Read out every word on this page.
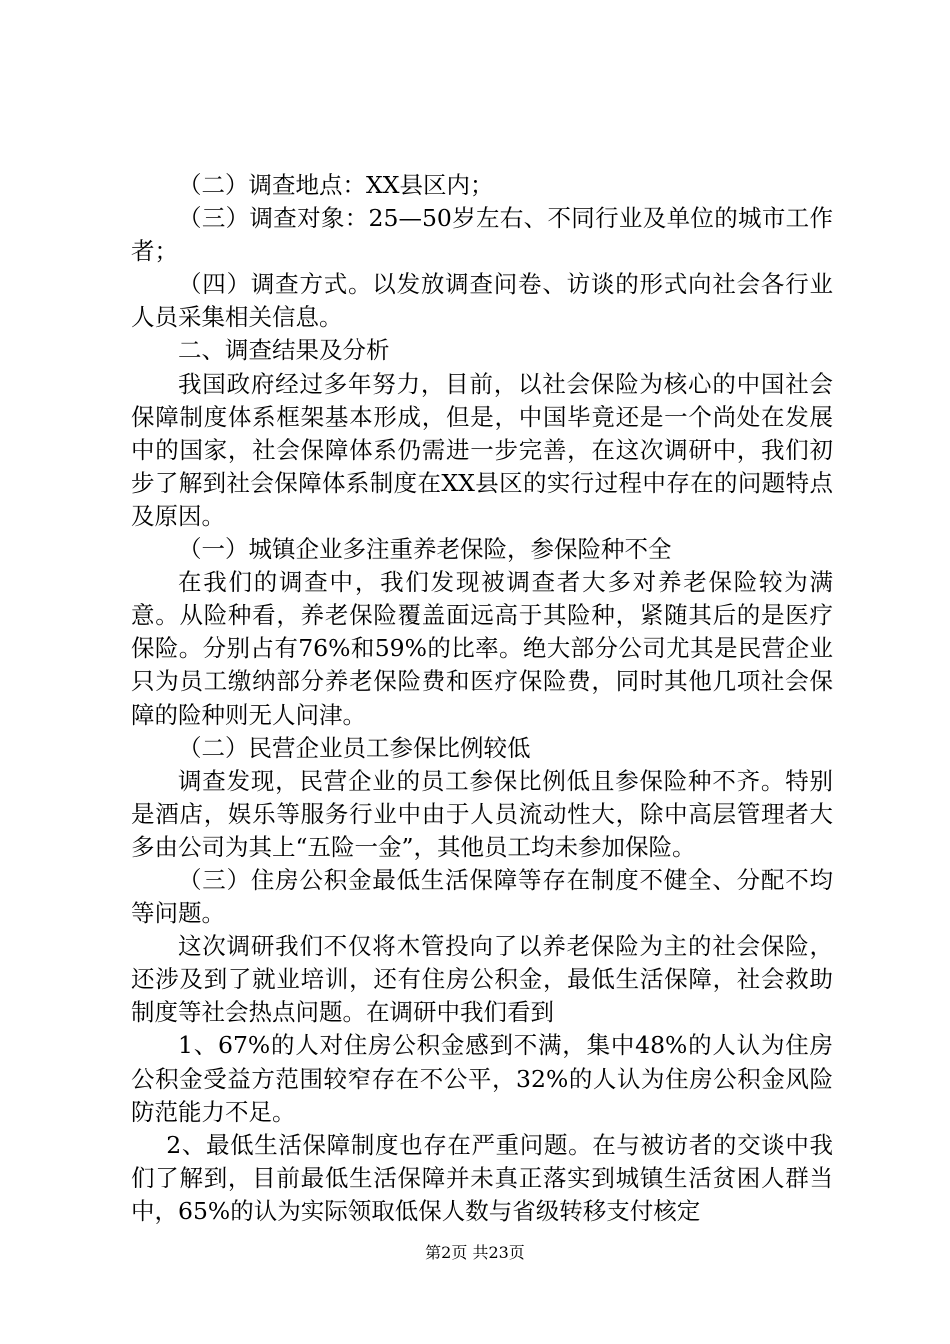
（二）调查地点：XX县区内；

（三）调查对象：25—50岁左右、不同行业及单位的城市工作者；

（四）调查方式。以发放调查问卷、访谈的形式向社会各行业人员采集相关信息。

二、调查结果及分析

我国政府经过多年努力，目前，以社会保险为核心的中国社会保障制度体系框架基本形成，但是，中国毕竟还是一个尚处在发展中的国家，社会保障体系仍需进一步完善，在这次调研中，我们初步了解到社会保障体系制度在XX县区的实行过程中存在的问题特点及原因。

（一）城镇企业多注重养老保险，参保险种不全

在我们的调查中，我们发现被调查者大多对养老保险较为满意。从险种看，养老保险覆盖面远高于其险种，紧随其后的是医疗保险。分别占有76%和59%的比率。绝大部分公司尤其是民营企业只为员工缴纳部分养老保险费和医疗保险费，同时其他几项社会保障的险种则无人问津。

（二）民营企业员工参保比例较低

调查发现，民营企业的员工参保比例低且参保险种不齐。特别是酒店，娱乐等服务行业中由于人员流动性大，除中高层管理者大多由公司为其上“五险一金”，其他员工均未参加保险。

（三）住房公积金最低生活保障等存在制度不健全、分配不均等问题。

这次调研我们不仅将木管投向了以养老保险为主的社会保险，还涉及到了就业培训，还有住房公积金，最低生活保障，社会救助制度等社会热点问题。在调研中我们看到

1、67%的人对住房公积金感到不满，集中48%的人认为住房公积金受益方范围较窄存在不公平，32%的人认为住房公积金风险防范能力不足。

2、最低生活保障制度也存在严重问题。在与被访者的交谈中我们了解到，目前最低生活保障并未真正落实到城镇生活贫困人群当中，65%的认为实际领取低保人数与省级转移支付核定

第2页 共23页
